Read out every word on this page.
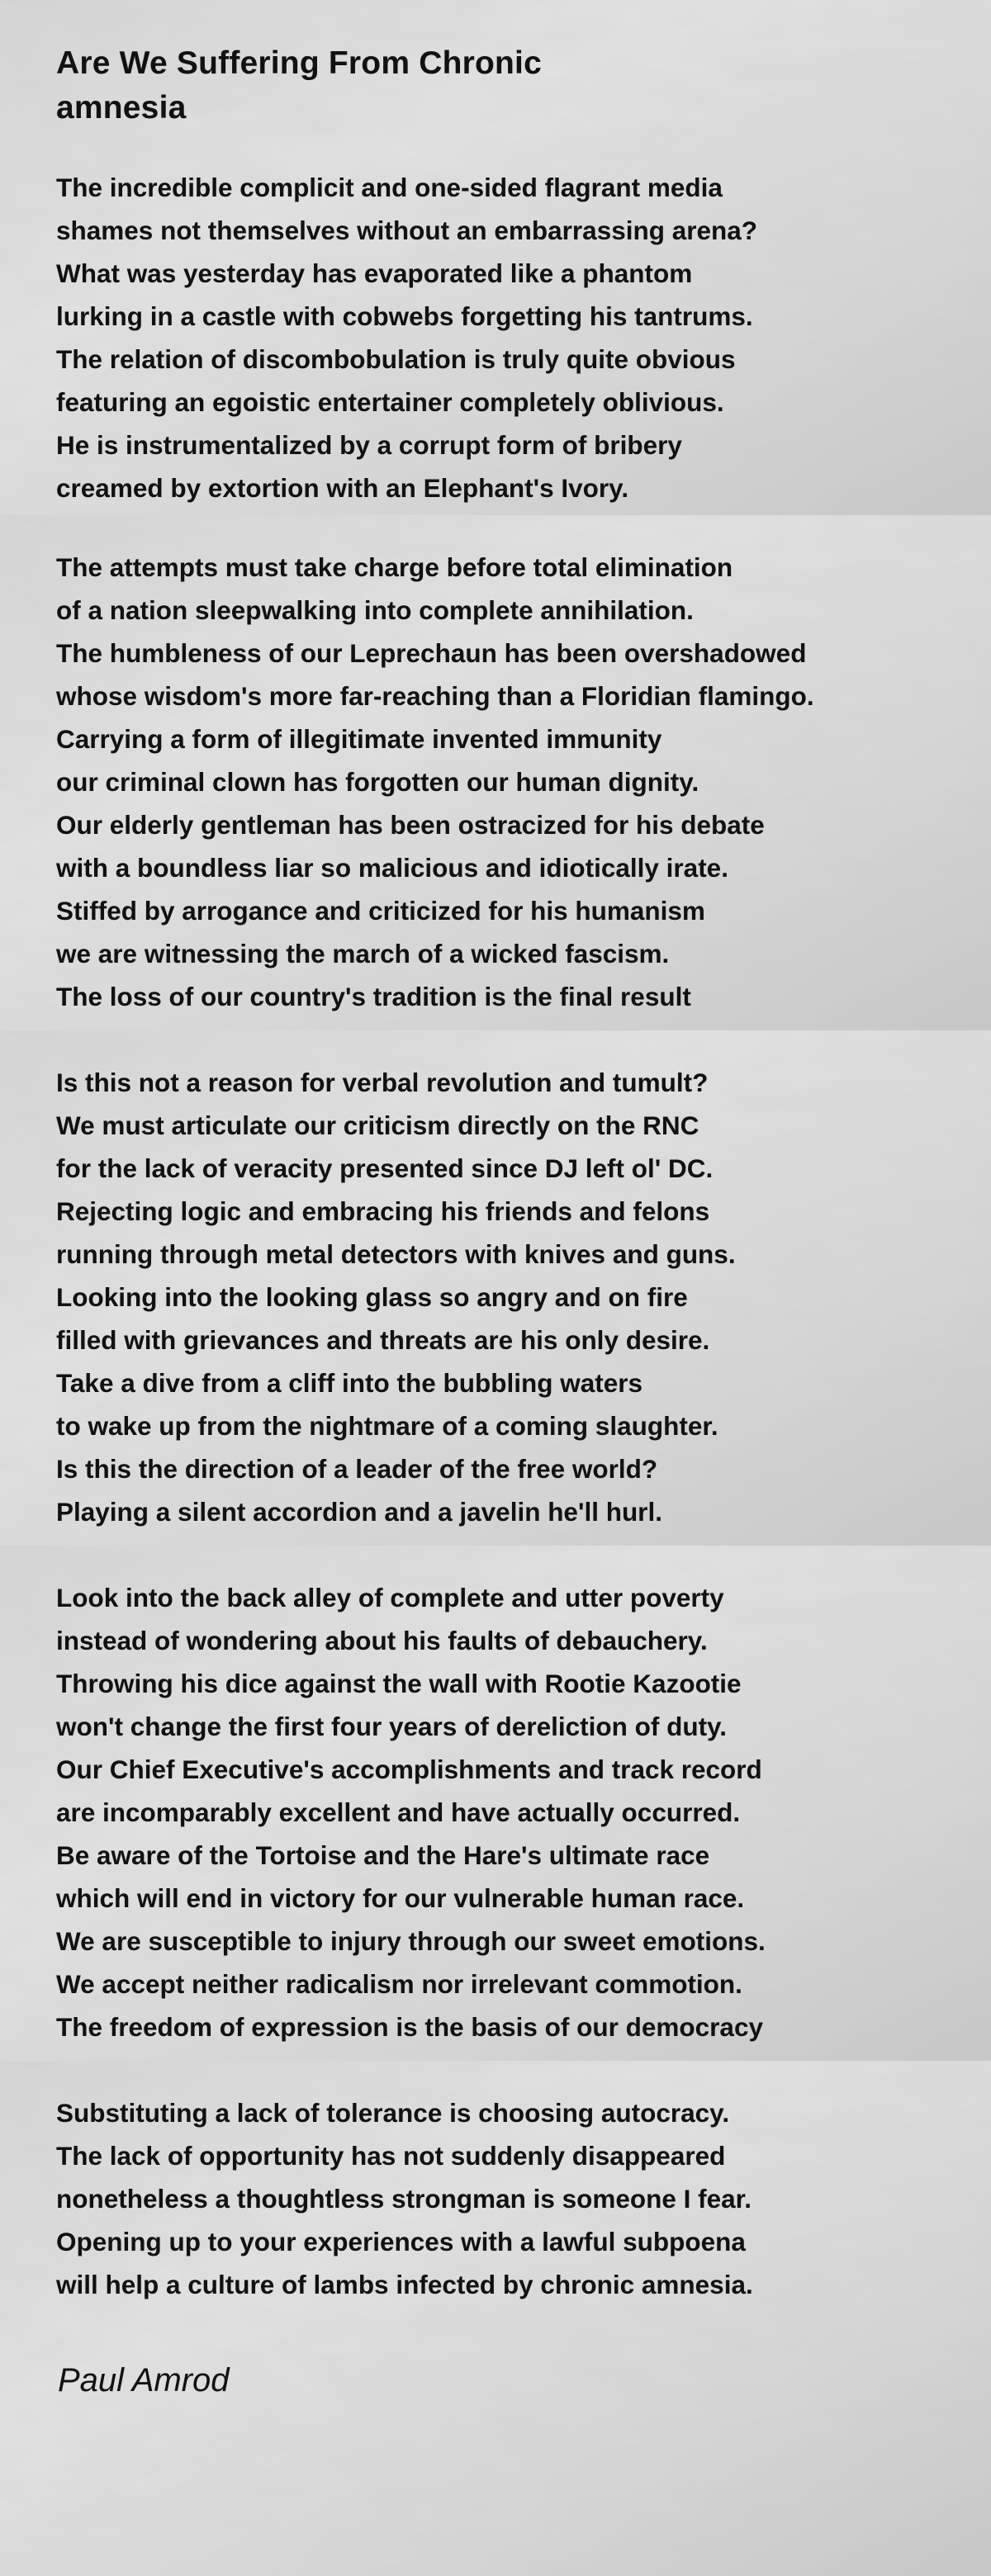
Are We Suffering From Chronic
amnesia
The incredible complicit and one-sided flagrant media
shames not themselves without an embarrassing arena?
What was yesterday has evaporated like a phantom
lurking in a castle with cobwebs forgetting his tantrums.
The relation of discombobulation is truly quite obvious
featuring an egoistic entertainer completely oblivious.
He is instrumentalized by a corrupt form of bribery
creamed by extortion with an Elephant's Ivory.
The attempts must take charge before total elimination
of a nation sleepwalking into complete annihilation.
The humbleness of our Leprechaun has been overshadowed
whose wisdom's more far-reaching than a Floridian flamingo.
Carrying a form of illegitimate invented immunity
our criminal clown has forgotten our human dignity.
Our elderly gentleman has been ostracized for his debate
with a boundless liar so malicious and idiotically irate.
Stiffed by arrogance and criticized for his humanism
we are witnessing the march of a wicked fascism.
The loss of our country's tradition is the final result
Is this not a reason for verbal revolution and tumult?
We must articulate our criticism directly on the RNC
for the lack of veracity presented since DJ left ol' DC.
Rejecting logic and embracing his friends and felons
running through metal detectors with knives and guns.
Looking into the looking glass so angry and on fire
filled with grievances and threats are his only desire.
Take a dive from a cliff into the bubbling waters
to wake up from the nightmare of a coming slaughter.
Is this the direction of a leader of the free world?
Playing a silent accordion and a javelin he'll hurl.
Look into the back alley of complete and utter poverty
instead of wondering about his faults of debauchery.
Throwing his dice against the wall with Rootie Kazootie
won't change the first four years of dereliction of duty.
Our Chief Executive's accomplishments and track record
are incomparably excellent and have actually occurred.
Be aware of the Tortoise and the Hare's ultimate race
which will end in victory for our vulnerable human race.
We are susceptible to injury through our sweet emotions.
We accept neither radicalism nor irrelevant commotion.
The freedom of expression is the basis of our democracy
Substituting a lack of tolerance is choosing autocracy.
The lack of opportunity has not suddenly disappeared
nonetheless a thoughtless strongman is someone I fear.
Opening up to your experiences with a lawful subpoena
will help a culture of lambs infected by chronic amnesia.
Paul Amrod
